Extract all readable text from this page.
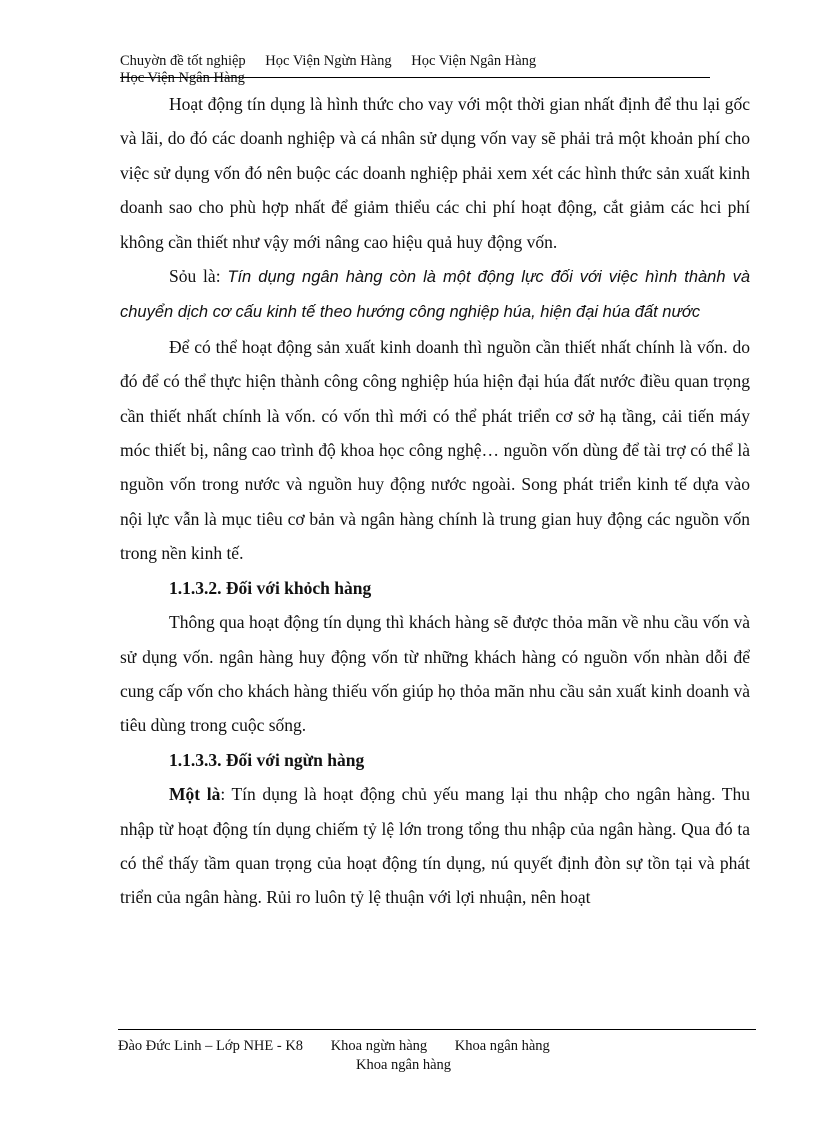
Chuyờn đề tốt nghiệp Học Viện Ngừn Hàng Học Viện Ngân Hàng
Học Viện Ngân Hàng

Hoạt động tín dụng là hình thức cho vay với một thời gian nhất định để thu lại gốc và lãi, do đó các doanh nghiệp và cá nhân sử dụng vốn vay sẽ phải trả một khoản phí cho việc sử dụng vốn đó nên buộc các doanh nghiệp phải xem xét các hình thức sản xuất kinh doanh sao cho phù hợp nhất để giảm thiểu các chi phí hoạt động, cắt giảm các hci phí không cần thiết như vậy mới nâng cao hiệu quả huy động vốn.

Sỏu là: Tín dụng ngân hàng còn là một động lực đối với việc hình thành và chuyển dịch cơ cấu kinh tế theo hướng công nghiệp húa, hiện đại húa đất nước

Để có thể hoạt động sản xuất kinh doanh thì nguồn cần thiết nhất chính là vốn. do đó để có thể thực hiện thành công công nghiệp húa hiện đại húa đất nước điều quan trọng cần thiết nhất chính là vốn. có vốn thì mới có thể phát triển cơ sở hạ tầng, cải tiến máy móc thiết bị, nâng cao trình độ khoa học công nghệ… nguồn vốn dùng để tài trợ có thể là nguồn vốn trong nước và nguồn huy động nước ngoài. Song phát triển kinh tế dựa vào nội lực vẫn là mục tiêu cơ bản và ngân hàng chính là trung gian huy động các nguồn vốn trong nền kinh tế.

1.1.3.2. Đối với khỏch hàng

Thông qua hoạt động tín dụng thì khách hàng sẽ được thỏa mãn về nhu cầu vốn và sử dụng vốn. ngân hàng huy động vốn từ những khách hàng có nguồn vốn nhàn dỗi để cung cấp vốn cho khách hàng thiếu vốn giúp họ thỏa mãn nhu cầu sản xuất kinh doanh và tiêu dùng trong cuộc sống.

1.1.3.3. Đối với ngừn hàng

Một là: Tín dụng là hoạt động chủ yếu mang lại thu nhập cho ngân hàng. Thu nhập từ hoạt động tín dụng chiếm tỷ lệ lớn trong tổng thu nhập của ngân hàng. Qua đó ta có thể thấy tầm quan trọng của hoạt động tín dụng, nú quyết định đòn sự tồn tại và phát triển của ngân hàng. Rủi ro luôn tỷ lệ thuận với lợi nhuận, nên hoạt

Đào Đức Linh – Lớp NHE - K8 Khoa ngừn hàng Khoa ngân hàng
Khoa ngân hàng
